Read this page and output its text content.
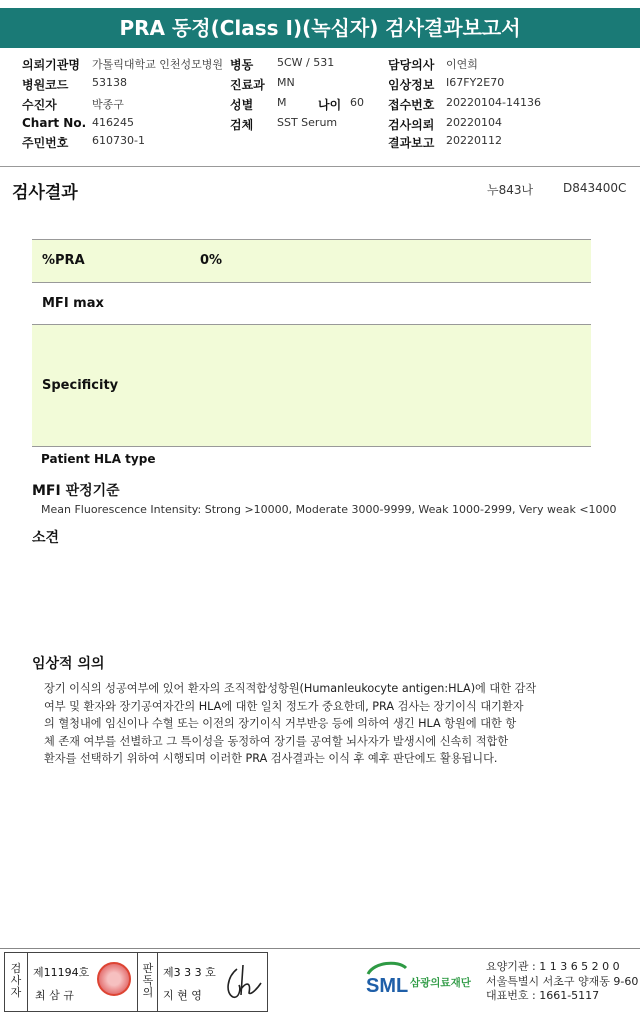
PRA 동정(Class I)(녹십자) 검사결과보고서
의뢰기관명 가톨릭대학교 인천성모병원 병동 5CW / 531	담당의사 이연희
병원코드 53138	진료과 MN	임상정보 I67FY2E70
수진자	박종구	성별 M	나이 60 접수번호 20220104-14136
Chart No. 416245	검체 SST Serum	검사의뢰 20220104
주민번호 610730-1	결과보고 20220112
검사결과	누843나 D843400C
%PRA	0%
MFI max
Specificity
Patient HLA type
MFI 판정기준
Mean Fluorescence Intensity: Strong >10000, Moderate 3000-9999, Weak 1000-2999, Very weak <1000
소견
임상적 의의
장기 이식의 성공여부에 있어 환자의 조직적합성항원(Humanleukocyte antigen:HLA)에 대한 감작
여부 및 환자와 장기공여자간의 HLA에 대한 일치 정도가 중요한데, PRA 검사는 장기이식 대기환자
의 혈청내에 임신이나 수혈 또는 이전의 장기이식 거부반응 등에 의하여 생긴 HLA 항원에 대한 항
체 존재 여부를 선별하고 그 특이성을 동정하여 장기를 공여할 뇌사자가 발생시에 신속히 적합한
환자를 선택하기 위하여 시행되며 이러한 PRA 검사결과는 이식 후 예후 판단에도 활용됩니다.
검
사
자
제11194호
최 삼 규
판
독
의
제3 3 3 호
지 현 영	SML 삼광의료재단
요양기관 : 1 1 3 6 5 2 0 0
서울특별시 서초구 양재동 9-60
대표번호 : 1661-5117
